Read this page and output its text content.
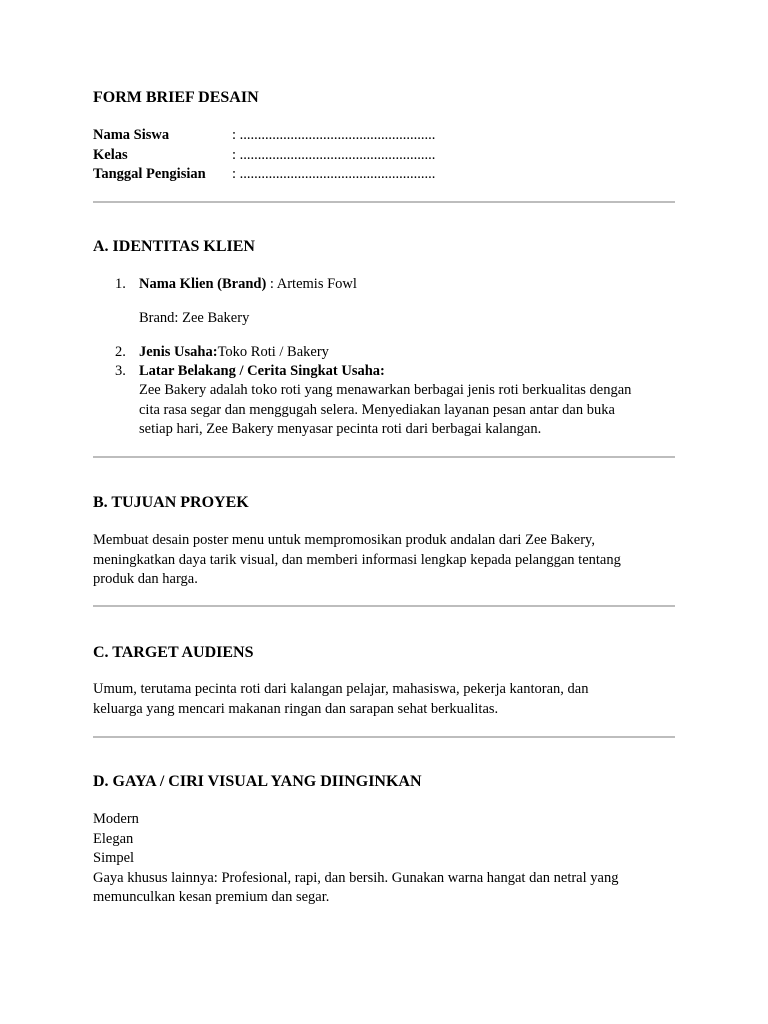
FORM BRIEF DESAIN
Nama Siswa	: ......................................................
Kelas	: ......................................................
Tanggal Pengisian	: ......................................................
A. IDENTITAS KLIEN
1. Nama Klien (Brand) : Artemis Fowl
Brand: Zee Bakery
2. Jenis Usaha:Toko Roti / Bakery
3. Latar Belakang / Cerita Singkat Usaha:
Zee Bakery adalah toko roti yang menawarkan berbagai jenis roti berkualitas dengan
cita rasa segar dan menggugah selera. Menyediakan layanan pesan antar dan buka
setiap hari, Zee Bakery menyasar pecinta roti dari berbagai kalangan.
B. TUJUAN PROYEK
Membuat desain poster menu untuk mempromosikan produk andalan dari Zee Bakery,
meningkatkan daya tarik visual, dan memberi informasi lengkap kepada pelanggan tentang
produk dan harga.
C. TARGET AUDIENS
Umum, terutama pecinta roti dari kalangan pelajar, mahasiswa, pekerja kantoran, dan
keluarga yang mencari makanan ringan dan sarapan sehat berkualitas.
D. GAYA / CIRI VISUAL YANG DIINGINKAN
Modern
Elegan
Simpel
Gaya khusus lainnya: Profesional, rapi, dan bersih. Gunakan warna hangat dan netral yang
memunculkan kesan premium dan segar.
